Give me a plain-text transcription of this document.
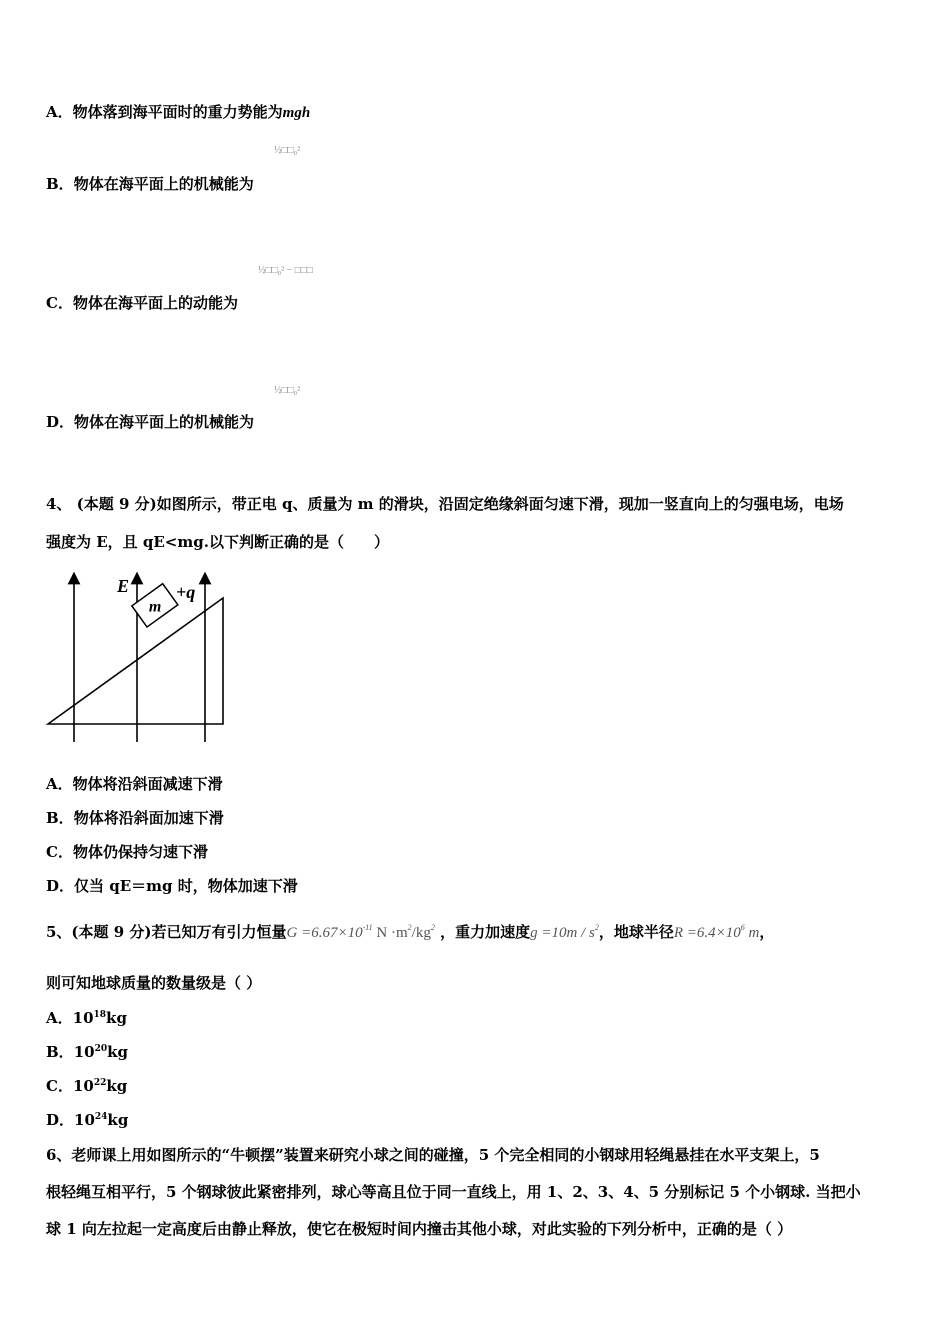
A．物体落到海平面时的重力势能为mgh
½□□₀²
B．物体在海平面上的机械能为
½□□₀² − □□□
C．物体在海平面上的动能为
½□□₀²
D．物体在海平面上的机械能为
4、 (本题 9 分)如图所示，带正电 q、质量为 m 的滑块，沿固定绝缘斜面匀速下滑，现加一竖直向上的匀强电场，电场
强度为 E，且 qE<mg.以下判断正确的是（　　）
m
E	+q
A．物体将沿斜面减速下滑
B．物体将沿斜面加速下滑
C．物体仍保持匀速下滑
D．仅当 qE＝mg 时，物体加速下滑
5、(本题 9 分)若已知万有引力恒量$G =6.67\times 10^{-11}$ $N \cdot m^2/kg^2$ ，重力加速度$g =10m / s^2$，地球半径$R =6.4\times 10^6$ m，
则可知地球质量的数量级是（ ）
A．$10^{18}kg$
B．$10^{20}kg$
C．$10^{22}kg$
D．$10^{24}kg$
6、老师课上用如图所示的“牛顿摆”装置来研究小球之间的碰撞，5 个完全相同的小钢球用轻绳悬挂在水平支架上，5
根轻绳互相平行，5 个钢球彼此紧密排列，球心等高且位于同一直线上，用 1、2、3、4、5 分别标记 5 个小钢球. 当把小
球 1 向左拉起一定高度后由静止释放，使它在极短时间内撞击其他小球，对此实验的下列分析中，正确的是（ ）
